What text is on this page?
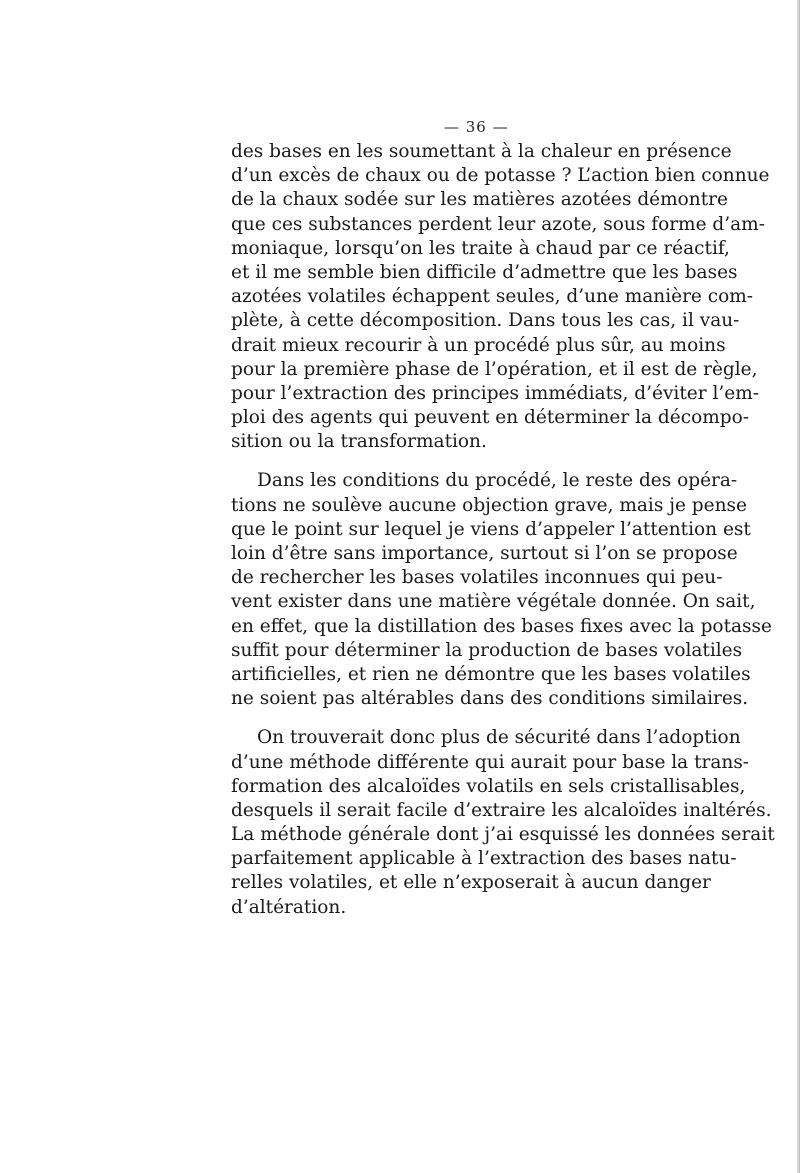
— 36 —
des bases en les soumettant à la chaleur en présence
d’un excès de chaux ou de potasse ? L’action bien connue
de la chaux sodée sur les matières azotées démontre
que ces substances perdent leur azote, sous forme d’am-
moniaque, lorsqu’on les traite à chaud par ce réactif,
et il me semble bien difficile d’admettre que les bases
azotées volatiles échappent seules, d’une manière com-
plète, à cette décomposition. Dans tous les cas, il vau-
drait mieux recourir à un procédé plus sûr, au moins
pour la première phase de l’opération, et il est de règle,
pour l’extraction des principes immédiats, d’éviter l’em-
ploi des agents qui peuvent en déterminer la décompo-
sition ou la transformation.
Dans les conditions du procédé, le reste des opéra-
tions ne soulève aucune objection grave, mais je pense
que le point sur lequel je viens d’appeler l’attention est
loin d’être sans importance, surtout si l’on se propose
de rechercher les bases volatiles inconnues qui peu-
vent exister dans une matière végétale donnée. On sait,
en effet, que la distillation des bases fixes avec la potasse
suffit pour déterminer la production de bases volatiles
artificielles, et rien ne démontre que les bases volatiles
ne soient pas altérables dans des conditions similaires.
On trouverait donc plus de sécurité dans l’adoption
d’une méthode différente qui aurait pour base la trans-
formation des alcaloïdes volatils en sels cristallisables,
desquels il serait facile d’extraire les alcaloïdes inaltérés.
La méthode générale dont j’ai esquissé les données serait
parfaitement applicable à l’extraction des bases natu-
relles volatiles, et elle n’exposerait à aucun danger
d’altération.
